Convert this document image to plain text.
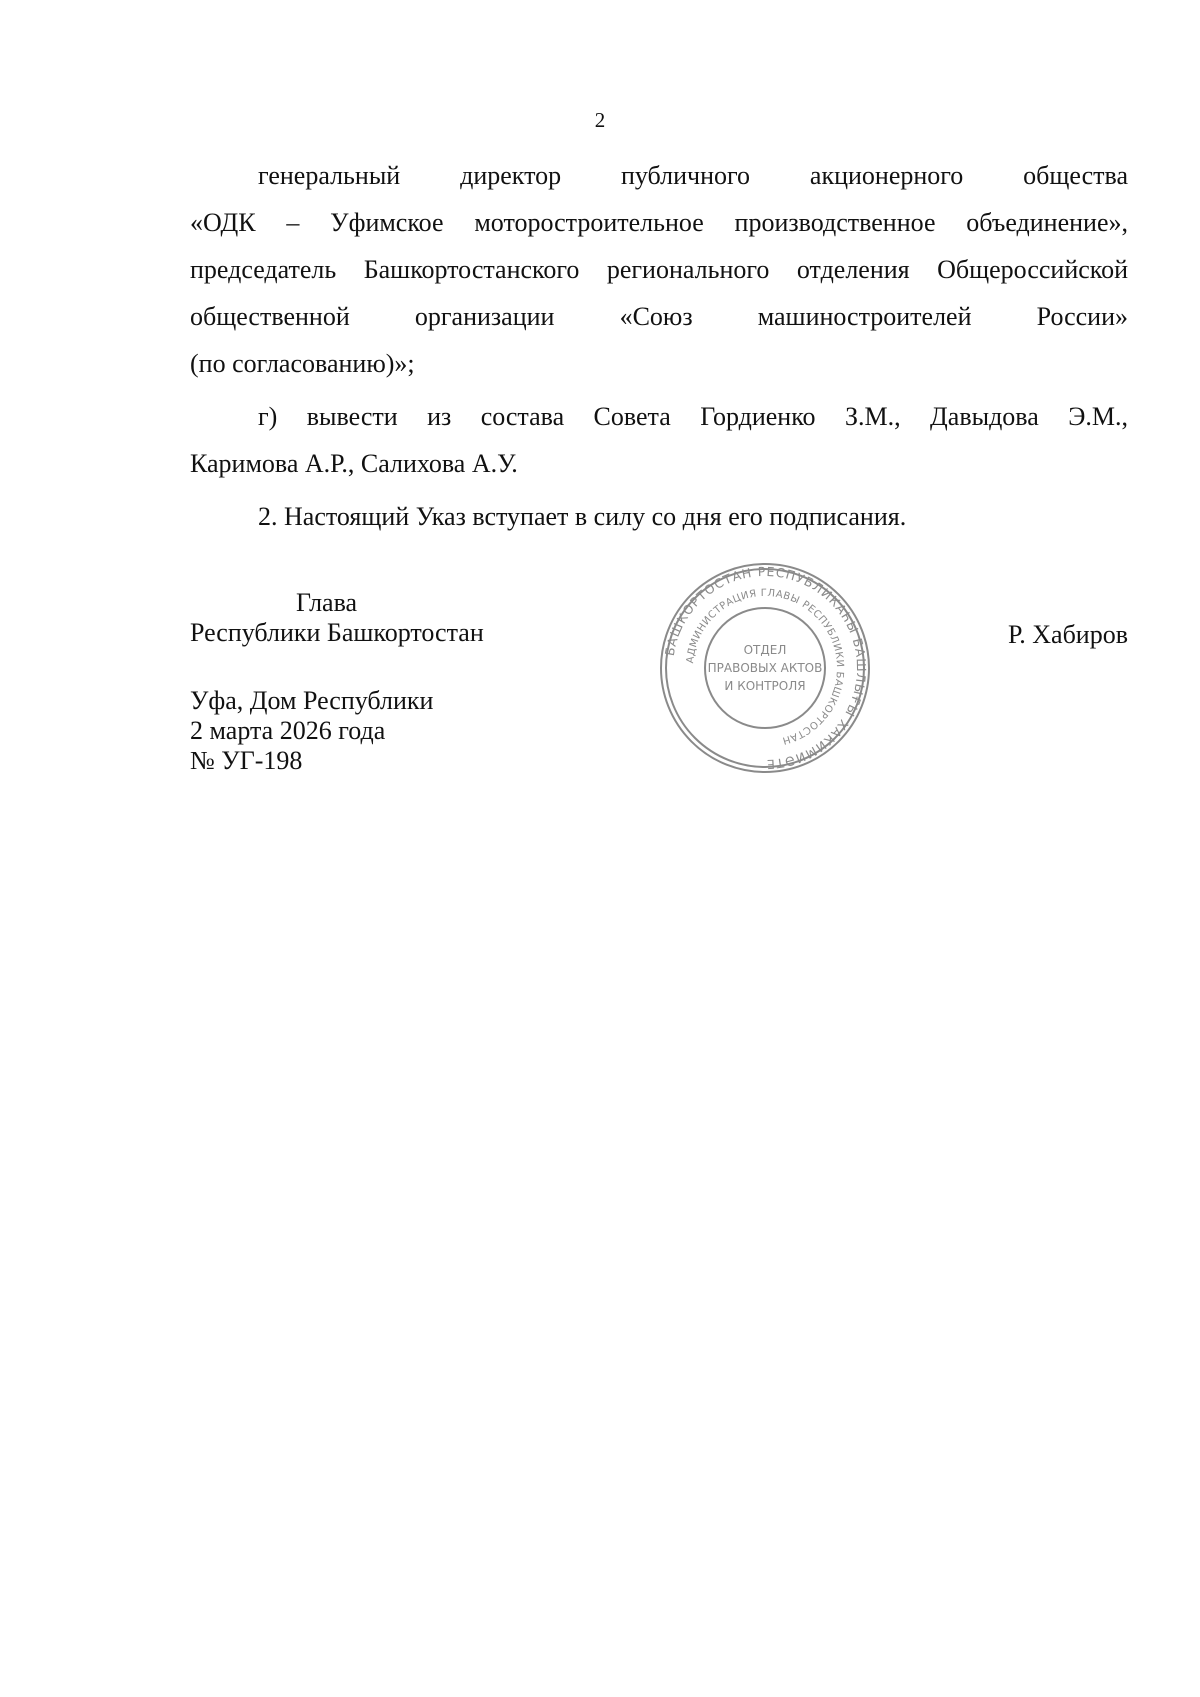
2

генеральный директор публичного акционерного общества

«ОДК – Уфимское моторостроительное производственное объединение»,

председатель Башкортостанского регионального отделения Общероссийской

общественной организации «Союз машиностроителей России»

(по согласованию)»;

г) вывести из состава Совета Гордиенко З.М., Давыдова Э.М.,

Каримова А.Р., Салихова А.У.

2. Настоящий Указ вступает в силу со дня его подписания.

Глава
Республики Башкортостан	Р. Хабиров
Уфа, Дом Республики
2 марта 2026 года
№ УГ-198
БАШКОРТОСТАН РЕСПУБЛИКАҺЫ БАШЛЫҒЫ ХАКИМИӘТЕ
АДМИНИСТРАЦИЯ ГЛАВЫ РЕСПУБЛИКИ БАШКОРТОСТАН
ОТДЕЛ
ПРАВОВЫХ АКТОВ
И КОНТРОЛЯ
